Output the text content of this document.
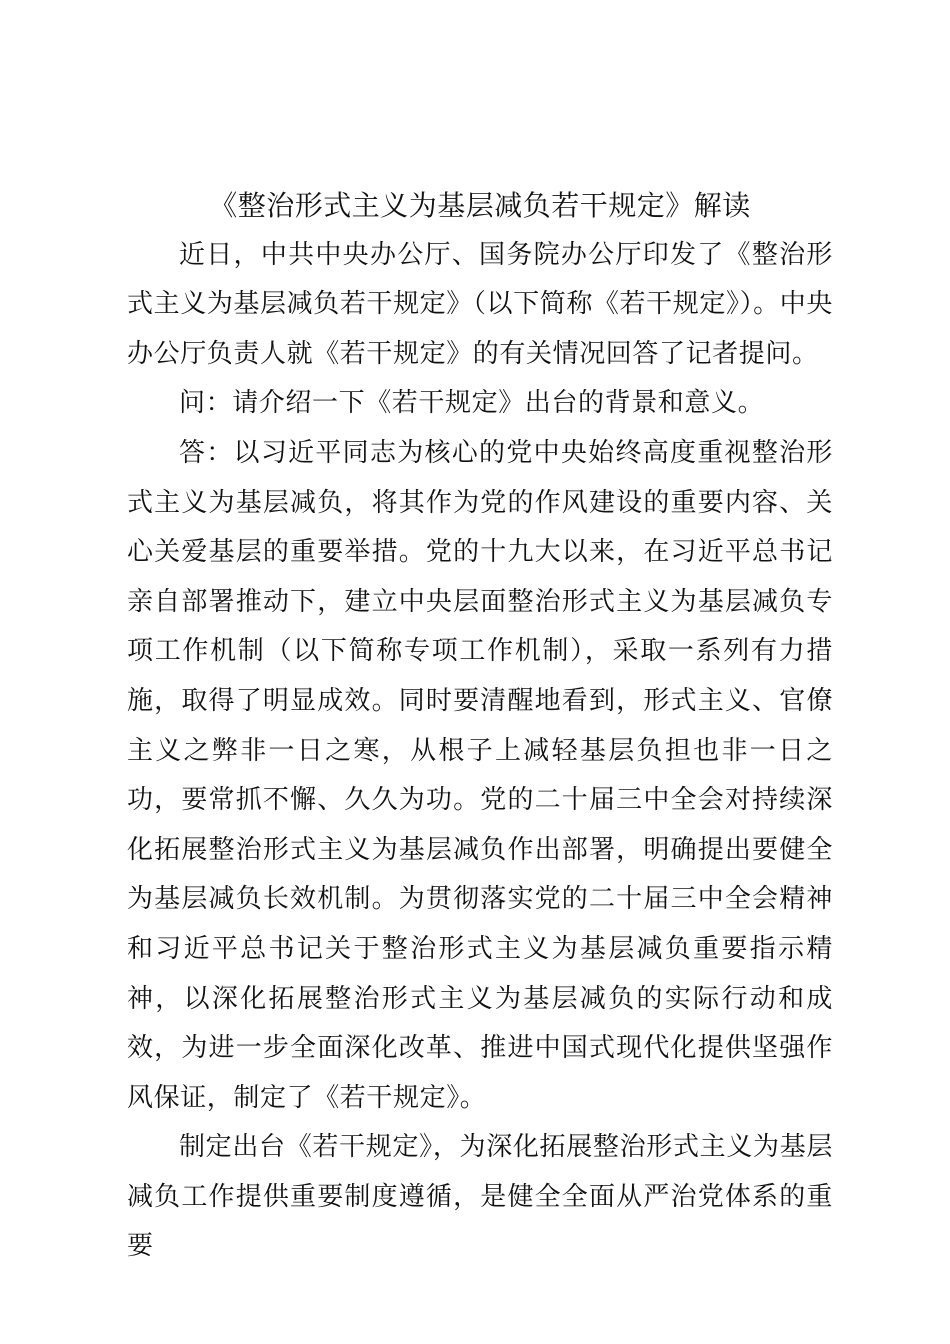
《整治形式主义为基层减负若干规定》解读

近日，中共中央办公厅、国务院办公厅印发了《整治形式主义为基层减负若干规定》（以下简称《若干规定》）。中央办公厅负责人就《若干规定》的有关情况回答了记者提问。

问：请介绍一下《若干规定》出台的背景和意义。

答：以习近平同志为核心的党中央始终高度重视整治形式主义为基层减负，将其作为党的作风建设的重要内容、关心关爱基层的重要举措。党的十九大以来，在习近平总书记亲自部署推动下，建立中央层面整治形式主义为基层减负专项工作机制（以下简称专项工作机制），采取一系列有力措施，取得了明显成效。同时要清醒地看到，形式主义、官僚主义之弊非一日之寒，从根子上减轻基层负担也非一日之功，要常抓不懈、久久为功。党的二十届三中全会对持续深化拓展整治形式主义为基层减负作出部署，明确提出要健全为基层减负长效机制。为贯彻落实党的二十届三中全会精神和习近平总书记关于整治形式主义为基层减负重要指示精神，以深化拓展整治形式主义为基层减负的实际行动和成效，为进一步全面深化改革、推进中国式现代化提供坚强作风保证，制定了《若干规定》。

制定出台《若干规定》，为深化拓展整治形式主义为基层减负工作提供重要制度遵循，是健全全面从严治党体系的重要
